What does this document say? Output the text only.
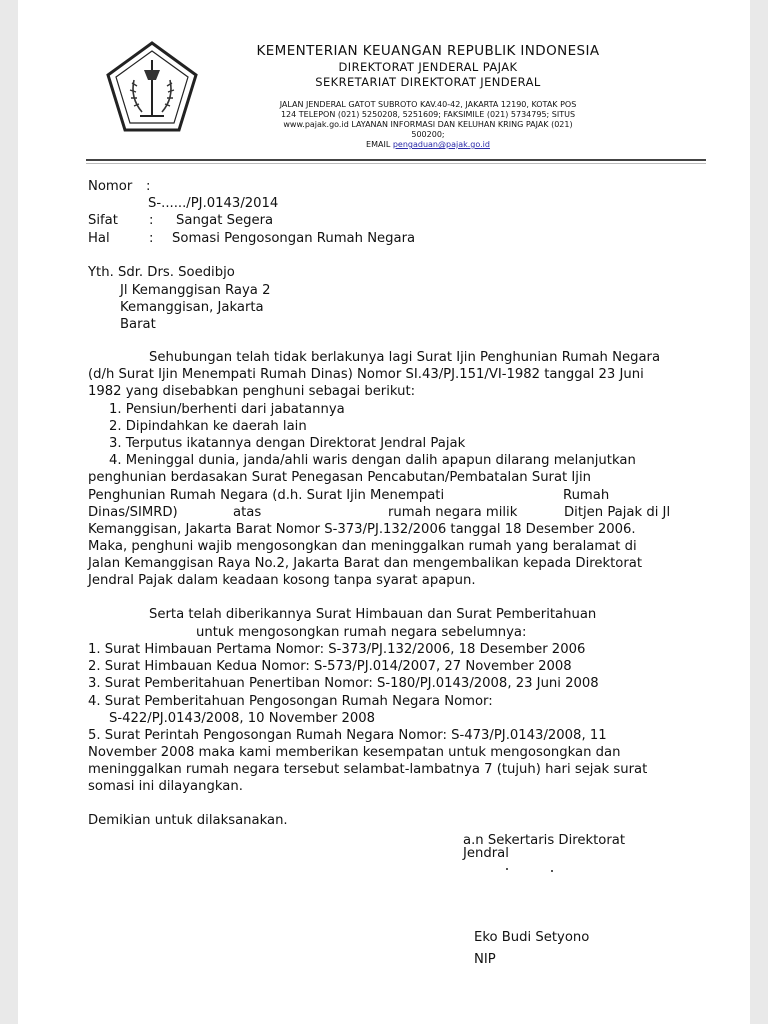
KEMENTERIAN KEUANGAN REPUBLIK INDONESIA
DIREKTORAT JENDERAL PAJAK
SEKRETARIAT DIREKTORAT JENDERAL
JALAN JENDERAL GATOT SUBROTO KAV.40-42, JAKARTA 12190, KOTAK POS
124 TELEPON (021) 5250208, 5251609; FAKSIMILE (021) 5734795; SITUS
www.pajak.go.id LAYANAN INFORMASI DAN KELUHAN KRING PAJAK (021)
500200;
EMAIL pengaduan@pajak.go.id
Nomor :
S-....../PJ.0143/2014
Sifat : Sangat Segera
Hal	: Somasi Pengosongan Rumah Negara
Yth. Sdr. Drs. Soedibjo
Jl Kemanggisan Raya 2
Kemanggisan, Jakarta
Barat
Sehubungan telah tidak berlakunya lagi Surat Ijin Penghunian Rumah Negara
(d/h Surat Ijin Menempati Rumah Dinas) Nomor SI.43/PJ.151/VI-1982 tanggal 23 Juni
1982 yang disebabkan penghuni sebagai berikut:
1. Pensiun/berhenti dari jabatannya
2. Dipindahkan ke daerah lain
3. Terputus ikatannya dengan Direktorat Jendral Pajak
4. Meninggal dunia, janda/ahli waris dengan dalih apapun dilarang melanjutkan
penghunian berdasakan Surat Penegasan Pencabutan/Pembatalan Surat Ijin
Penghunian Rumah Negara (d.h. Surat Ijin Menempati	Rumah
Dinas/SIMRD)	atas	rumah negara milik	Ditjen Pajak di Jl
Kemanggisan, Jakarta Barat Nomor S-373/PJ.132/2006 tanggal 18 Desember 2006.
Maka, penghuni wajib mengosongkan dan meninggalkan rumah yang beralamat di
Jalan Kemanggisan Raya No.2, Jakarta Barat dan mengembalikan kepada Direktorat
Jendral Pajak dalam keadaan kosong tanpa syarat apapun.
Serta telah diberikannya Surat Himbauan dan Surat Pemberitahuan
untuk mengosongkan rumah negara sebelumnya:
1. Surat Himbauan Pertama Nomor: S-373/PJ.132/2006, 18 Desember 2006
2. Surat Himbauan Kedua Nomor: S-573/PJ.014/2007, 27 November 2008
3. Surat Pemberitahuan Penertiban Nomor: S-180/PJ.0143/2008, 23 Juni 2008
4. Surat Pemberitahuan Pengosongan Rumah Negara Nomor:
S-422/PJ.0143/2008, 10 November 2008
5. Surat Perintah Pengosongan Rumah Negara Nomor: S-473/PJ.0143/2008, 11
November 2008 maka kami memberikan kesempatan untuk mengosongkan dan
meninggalkan rumah negara tersebut selambat-lambatnya 7 (tujuh) hari sejak surat
somasi ini dilayangkan.
Demikian untuk dilaksanakan.
a.n Sekertaris Direktorat
Jendral
Eko Budi Setyono
NIP
